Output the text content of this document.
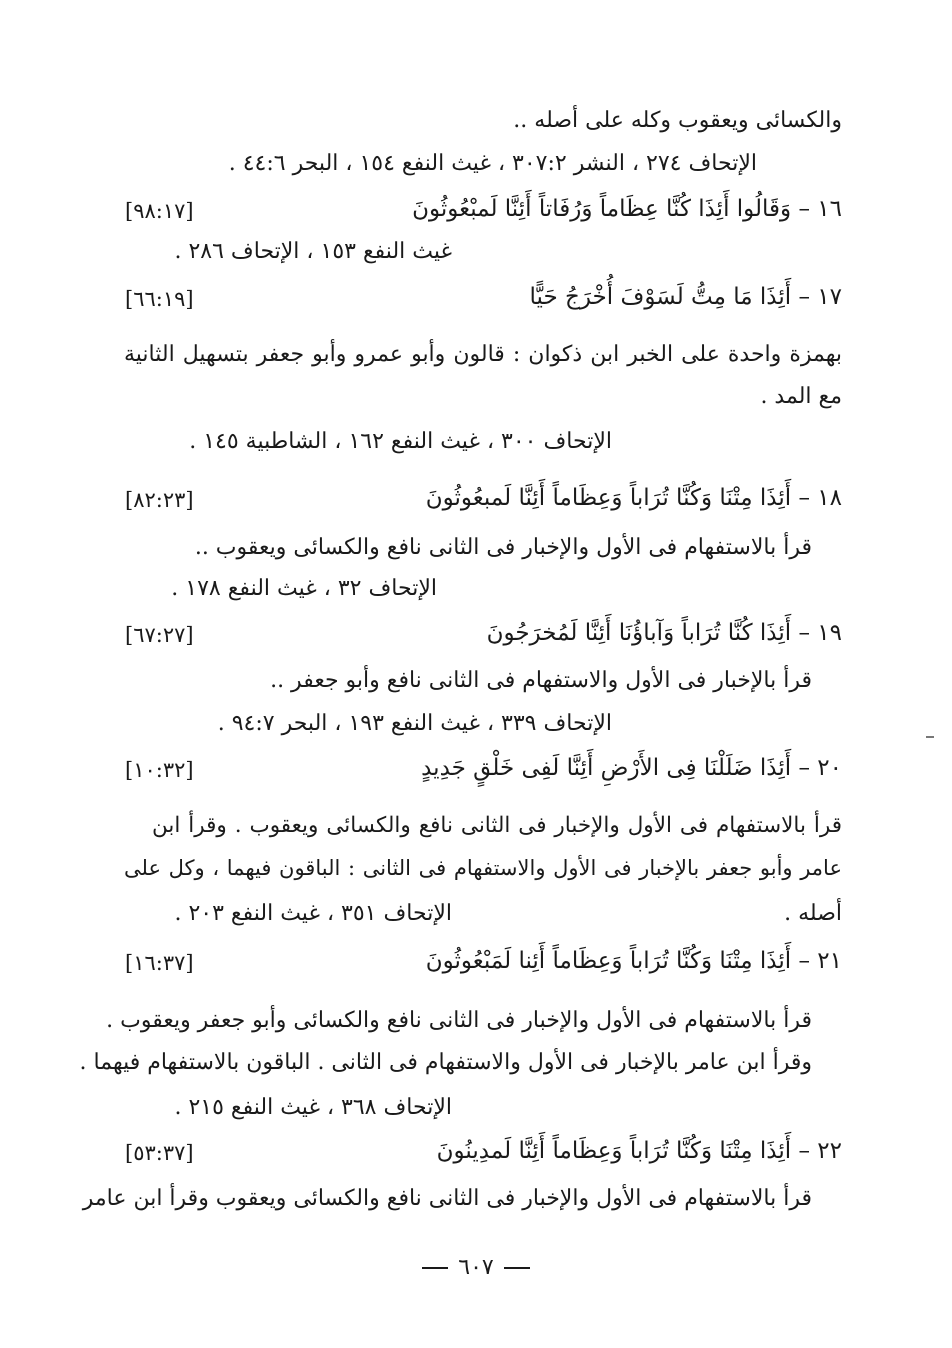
والكسائى ويعقوب وكله على أصله ..
الإتحاف ٢٧٤ ، النشر ٣٠٧:٢ ، غيث النفع ١٥٤ ، البحر ٤٤:٦ .
١٦ – وَقَالُوا أَئِذَا كُنَّا عِظَاماً وَرُفَاتاً أَئِنَّا لَمبْعُوثُونَ
[٩٨:١٧]
غيث النفع ١٥٣ ، الإتحاف ٢٨٦ .
١٧ – أَئِذَا مَا مِتُّ لَسَوْفَ أُخْرَجُ حَيًّا
[٦٦:١٩]
بهمزة واحدة على الخبر ابن ذكوان : قالون وأبو عمرو وأبو جعفر بتسهيل الثانية
مع المد .
الإتحاف ٣٠٠ ، غيث النفع ١٦٢ ، الشاطبية ١٤٥ .
١٨ – أَئِذَا مِتْنَا وَكُنَّا تُرَاباً وَعِظَاماً أَئِنَّا لَمبعُوثُونَ
[٨٢:٢٣]
قرأ بالاستفهام فى الأول والإخبار فى الثانى نافع والكسائى ويعقوب ..
الإتحاف ٣٢ ، غيث النفع ١٧٨ .
١٩ – أَئِذَا كُنَّا تُرَاباً وَآباؤُنَا أَئِنَّا لَمُخرَجُونَ
[٦٧:٢٧]
قرأ بالإخبار فى الأول والاستفهام فى الثانى نافع وأبو جعفر ..
الإتحاف ٣٣٩ ، غيث النفع ١٩٣ ، البحر ٩٤:٧ .
٢٠ – أَئِذَا ضَلَلْنَا فِى الأَرْضِ أَئِنَّا لَفِى خَلْقٍ جَدِيدٍ
[١٠:٣٢]
قرأ بالاستفهام فى الأول والإخبار فى الثانى نافع والكسائى ويعقوب . وقرأ ابن
عامر وأبو جعفر بالإخبار فى الأول والاستفهام فى الثانى : الباقون فيهما ، وكل على
أصله .
الإتحاف ٣٥١ ، غيث النفع ٢٠٣ .
٢١ – أَئِذَا مِتْنَا وَكُنَّا تُرَاباً وَعِظَاماً أَئِنا لَمَبْعُوثُونَ
[١٦:٣٧]
قرأ بالاستفهام فى الأول والإخبار فى الثانى نافع والكسائى وأبو جعفر ويعقوب .
وقرأ ابن عامر بالإخبار فى الأول والاستفهام فى الثانى . الباقون بالاستفهام فيهما .
الإتحاف ٣٦٨ ، غيث النفع ٢١٥ .
٢٢ – أَئِذَا مِتْنَا وَكُنَّا تُرَاباً وَعِظَاماً أَئِنَّا لَمدِينُونَ
[٥٣:٣٧]
قرأ بالاستفهام فى الأول والإخبار فى الثانى نافع والكسائى ويعقوب وقرأ ابن عامر
٦٠٧
